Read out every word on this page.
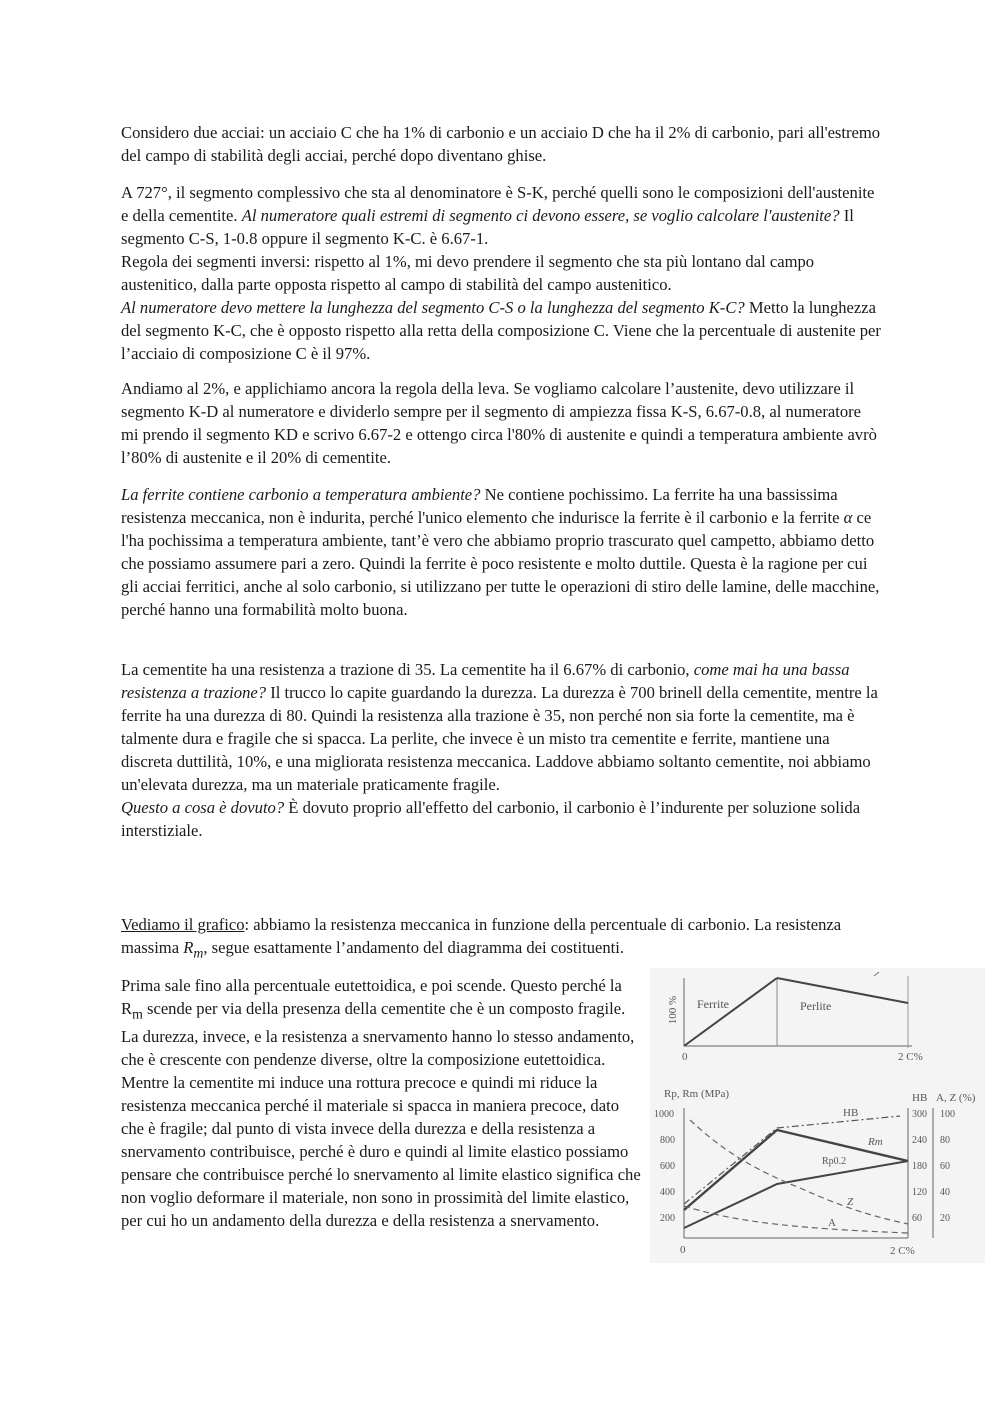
Considero due acciai: un acciaio C che ha 1% di carbonio e un acciaio D che ha il 2% di carbonio, pari all'estremo del campo di stabilità degli acciai, perché dopo diventano ghise.

A 727°, il segmento complessivo che sta al denominatore è S-K, perché quelli sono le composizioni dell'austenite e della cementite. Al numeratore quali estremi di segmento ci devono essere, se voglio calcolare l'austenite? Il segmento C-S, 1-0.8 oppure il segmento K-C. è 6.67-1.
Regola dei segmenti inversi: rispetto al 1%, mi devo prendere il segmento che sta più lontano dal campo austenitico, dalla parte opposta rispetto al campo di stabilità del campo austenitico.
Al numeratore devo mettere la lunghezza del segmento C-S o la lunghezza del segmento K-C? Metto la lunghezza del segmento K-C, che è opposto rispetto alla retta della composizione C. Viene che la percentuale di austenite per l’acciaio di composizione C è il 97%.

Andiamo al 2%, e applichiamo ancora la regola della leva. Se vogliamo calcolare l’austenite, devo utilizzare il segmento K-D al numeratore e dividerlo sempre per il segmento di ampiezza fissa K-S, 6.67-0.8, al numeratore mi prendo il segmento KD e scrivo 6.67-2 e ottengo circa l'80% di austenite e quindi a temperatura ambiente avrò l’80% di austenite e il 20% di cementite.

La ferrite contiene carbonio a temperatura ambiente? Ne contiene pochissimo. La ferrite ha una bassissima resistenza meccanica, non è indurita, perché l'unico elemento che indurisce la ferrite è il carbonio e la ferrite α ce l'ha pochissima a temperatura ambiente, tant’è vero che abbiamo proprio trascurato quel campetto, abbiamo detto che possiamo assumere pari a zero. Quindi la ferrite è poco resistente e molto duttile. Questa è la ragione per cui gli acciai ferritici, anche al solo carbonio, si utilizzano per tutte le operazioni di stiro delle lamine, delle macchine, perché hanno una formabilità molto buona.

La cementite ha una resistenza a trazione di 35. La cementite ha il 6.67% di carbonio, come mai ha una bassa resistenza a trazione? Il trucco lo capite guardando la durezza. La durezza è 700 brinell della cementite, mentre la ferrite ha una durezza di 80. Quindi la resistenza alla trazione è 35, non perché non sia forte la cementite, ma è talmente dura e fragile che si spacca. La perlite, che invece è un misto tra cementite e ferrite, mantiene una discreta duttilità, 10%, e una migliorata resistenza meccanica. Laddove abbiamo soltanto cementite, noi abbiamo un'elevata durezza, ma un materiale praticamente fragile.
Questo a cosa è dovuto? È dovuto proprio all'effetto del carbonio, il carbonio è l’indurente per soluzione solida interstiziale.

Vediamo il grafico: abbiamo la resistenza meccanica in funzione della percentuale di carbonio. La resistenza massima $R_m$, segue esattamente l’andamento del diagramma dei costituenti.

Prima sale fino alla percentuale eutettoidica, e poi scende. Questo perché la $R_m$ scende per via della presenza della cementite che è un composto fragile. La durezza, invece, e la resistenza a snervamento hanno lo stesso andamento, che è crescente con pendenze diverse, oltre la composizione eutettoidica. Mentre la cementite mi induce una rottura precoce e quindi mi riduce la resistenza meccanica perché il materiale si spacca in maniera precoce, dato che è fragile; dal punto di vista invece della durezza e della resistenza a snervamento contribuisce, perché è duro e quindi al limite elastico possiamo pensare che contribuisce perché lo snervamento al limite elastico significa che non voglio deformare il materiale, non sono in prossimità del limite elastico, per cui ho un andamento della durezza e della resistenza a snervamento.

100 % Ferrite	Perlite
0	2 C%
Rp, Rm (MPa)	HB A, Z (%)
1000
800
600
400
200
300
240
180
120
60
100
80
60
40
20
HB
Rm
Rp0.2
Z
A
0	2 C%
